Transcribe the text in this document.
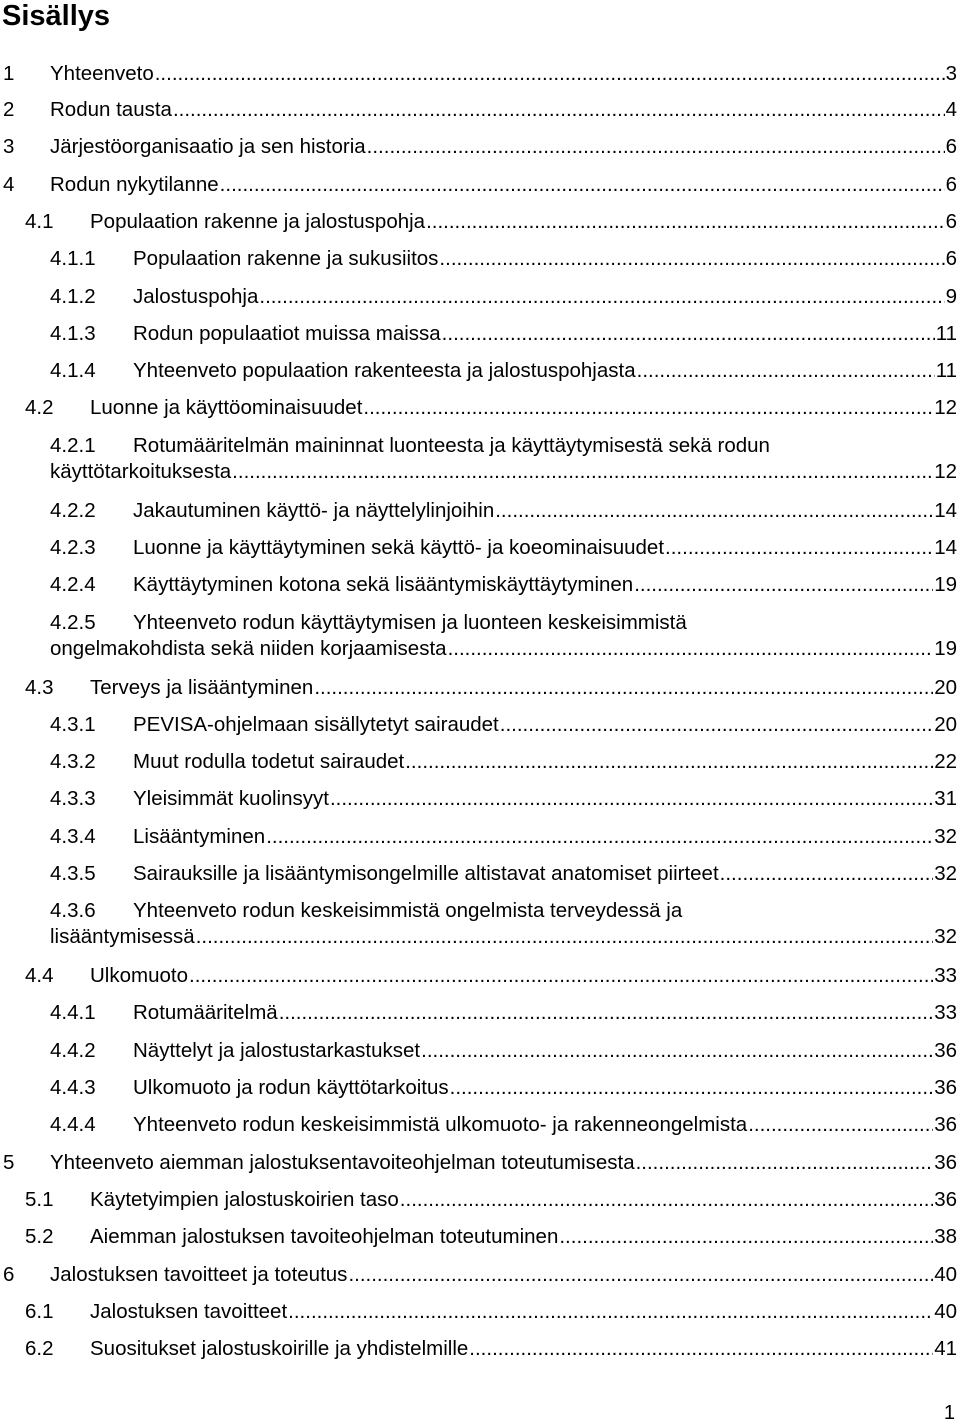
Sisällys
1 Yhteenveto .....	3
2 Rodun tausta .....	4
3 Järjestöorganisaatio ja sen historia .....	6
4 Rodun nykytilanne .....	6
4.1 Populaation rakenne ja jalostuspohja .....	6
4.1.1 Populaation rakenne ja sukusiitos .....	6
4.1.2 Jalostuspohja .....	9
4.1.3 Rodun populaatiot muissa maissa .....	11
4.1.4 Yhteenveto populaation rakenteesta ja jalostuspohjasta .....	11
4.2 Luonne ja käyttöominaisuudet .....	12
4.2.1	Rotumääritelmän maininnat luonteesta ja käyttäytymisestä sekä rodun
käyttötarkoituksesta .....	12
4.2.2 Jakautuminen käyttö- ja näyttelylinjoihin .....	14
4.2.3 Luonne ja käyttäytyminen sekä käyttö- ja koeominaisuudet .....	14
4.2.4 Käyttäytyminen kotona sekä lisääntymiskäyttäytyminen .....	19
4.2.5	Yhteenveto rodun käyttäytymisen ja luonteen keskeisimmistä
ongelmakohdista sekä niiden korjaamisesta .....	19
4.3 Terveys ja lisääntyminen .....	20
4.3.1 PEVISA-ohjelmaan sisällytetyt sairaudet .....	20
4.3.2 Muut rodulla todetut sairaudet .....	22
4.3.3 Yleisimmät kuolinsyyt .....	31
4.3.4 Lisääntyminen .....	32
4.3.5 Sairauksille ja lisääntymisongelmille altistavat anatomiset piirteet .....	32
4.3.6	Yhteenveto rodun keskeisimmistä ongelmista terveydessä ja
lisääntymisessä .....	32
4.4 Ulkomuoto .....	33
4.4.1 Rotumääritelmä .....	33
4.4.2 Näyttelyt ja jalostustarkastukset .....	36
4.4.3 Ulkomuoto ja rodun käyttötarkoitus .....	36
4.4.4 Yhteenveto rodun keskeisimmistä ulkomuoto- ja rakenneongelmista .....	36
5 Yhteenveto aiemman jalostuksentavoiteohjelman toteutumisesta .....	36
5.1 Käytetyimpien jalostuskoirien taso .....	36
5.2 Aiemman jalostuksen tavoiteohjelman toteutuminen .....	38
6 Jalostuksen tavoitteet ja toteutus .....	40
6.1 Jalostuksen tavoitteet .....	40
6.2 Suositukset jalostuskoirille ja yhdistelmille .....	41
1
